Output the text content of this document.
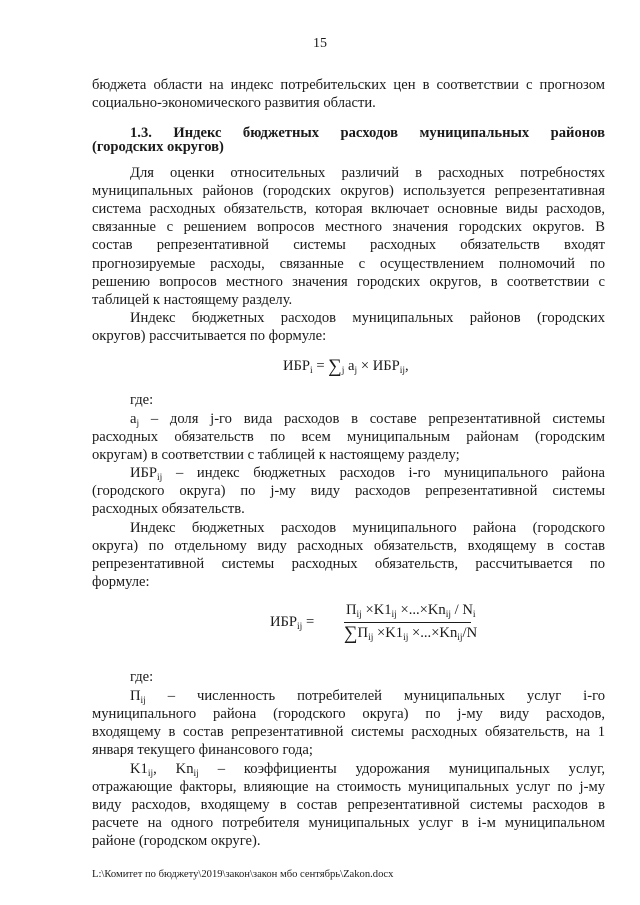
15

бюджета области на индекс потребительских цен в соответствии с прогнозом

социально-экономического развития области.

1.3. Индекс бюджетных расходов муниципальных районов

(городских округов)

Для оценки относительных различий в расходных потребностях

муниципальных районов (городских округов) используется репрезентативная

система расходных обязательств, которая включает основные виды расходов,

связанные с решением вопросов местного значения городских округов. В

состав репрезентативной системы расходных обязательств входят

прогнозируемые расходы, связанные с осуществлением полномочий по

решению вопросов местного значения городских округов, в соответствии с

таблицей к настоящему разделу.

Индекс бюджетных расходов муниципальных районов (городских

округов) рассчитывается по формуле:

$ИБР_i = \sum_j$ $a_j \times ИБР_{ij}$,

где:

$a_j$ – доля j-го вида расходов в составе репрезентативной системы

расходных обязательств по всем муниципальным районам (городским

округам) в соответствии с таблицей к настоящему разделу;

$ИБР_{ij}$ – индекс бюджетных расходов i-го муниципального района

(городского округа) по j-му виду расходов репрезентативной системы

расходных обязательств.

Индекс бюджетных расходов муниципального района (городского

округа) по отдельному виду расходных обязательств, входящему в состав

репрезентативной системы расходных обязательств, рассчитывается по

формуле:

$ИБР_{ij}$ =
$П_{ij} \times K1_{ij} \times...\times Kn_{ij} / N_i$
$\sum П_{ij} \times K1_{ij} \times...\times Kn_{ij}/N$

где:

$П_{ij}$ – численность потребителей муниципальных услуг i-го

муниципального района (городского округа) по j-му виду расходов,

входящему в состав репрезентативной системы расходных обязательств, на 1

января текущего финансового года;

$K1_{ij}$, $Kn_{ij}$ – коэффициенты удорожания муниципальных услуг,

отражающие факторы, влияющие на стоимость муниципальных услуг по j-му

виду расходов, входящему в состав репрезентативной системы расходов в

расчете на одного потребителя муниципальных услуг в i-м муниципальном

районе (городском округе).

L:\Комитет по бюджету\2019\закон\закон мбо сентябрь\Zakon.docx
